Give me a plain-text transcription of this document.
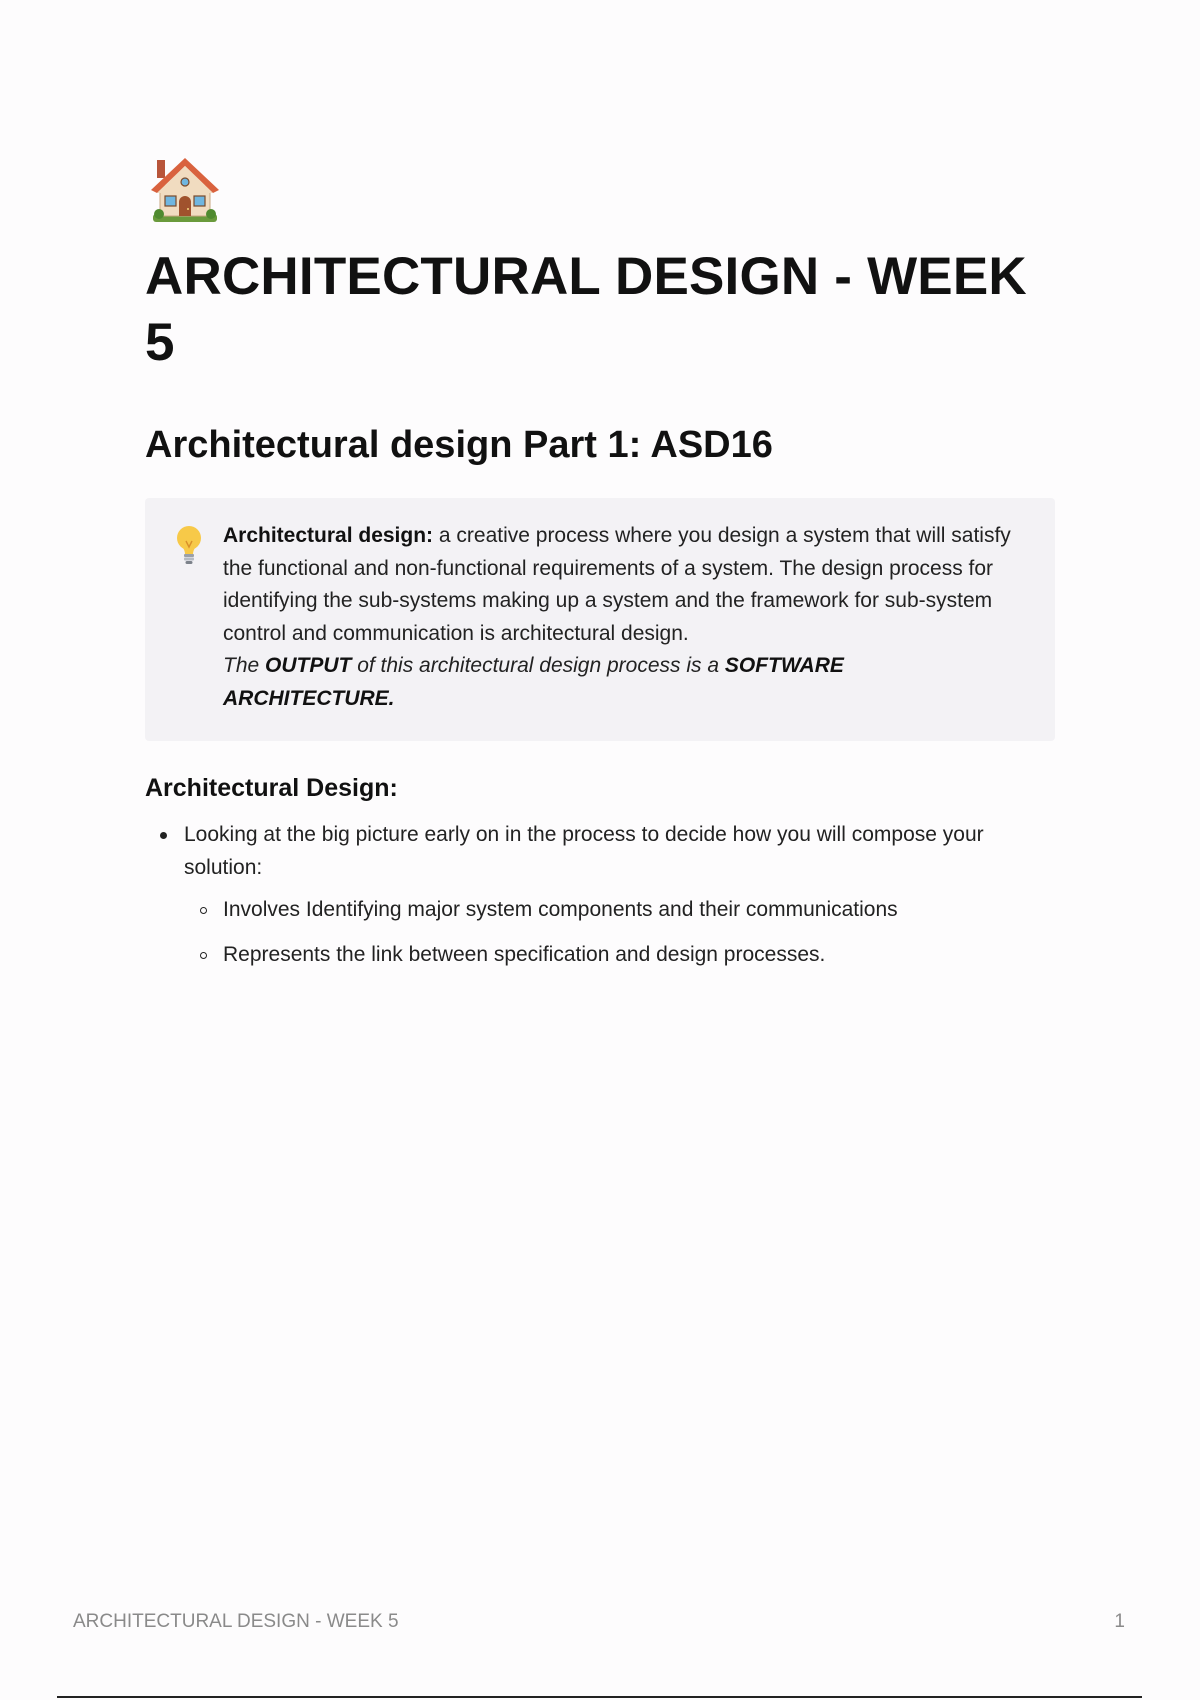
ARCHITECTURAL DESIGN - WEEK 5
Architectural design Part 1: ASD16
Architectural design: a creative process where you design a system that will satisfy the functional and non-functional requirements of a system. The design process for identifying the sub-systems making up a system and the framework for sub-system control and communication is architectural design.
The OUTPUT of this architectural design process is a SOFTWARE ARCHITECTURE.
Architectural Design:
Looking at the big picture early on in the process to decide how you will compose your solution:
Involves Identifying major system components and their communications
Represents the link between specification and design processes.
ARCHITECTURAL DESIGN - WEEK 5	1
